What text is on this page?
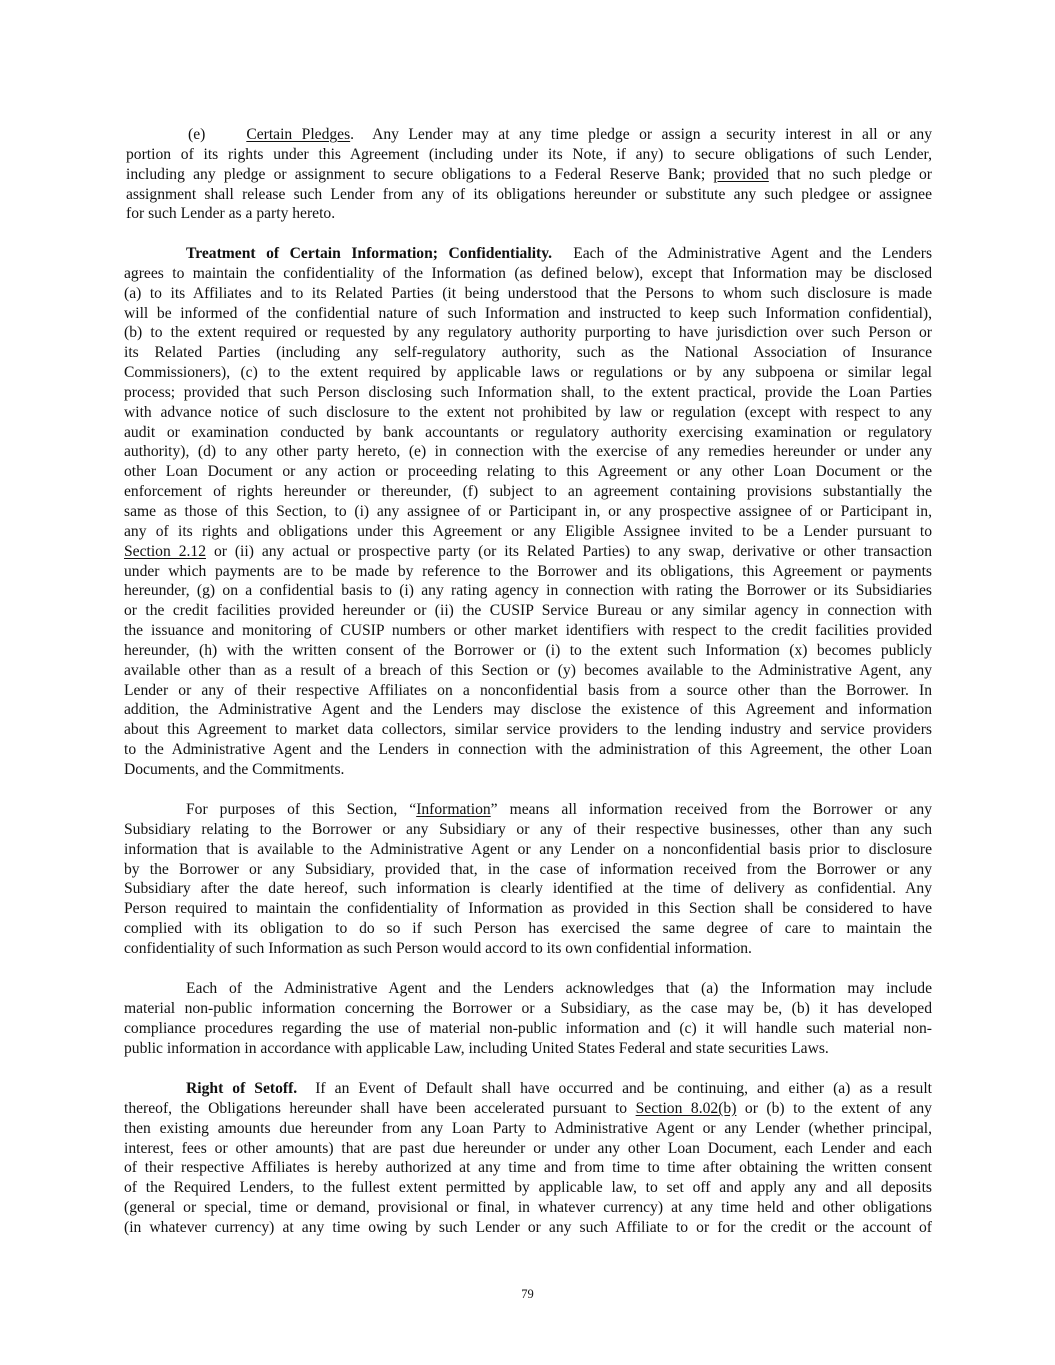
(e)	Certain Pledges.  Any Lender may at any time pledge or assign a security interest in all or any
portion of its rights under this Agreement (including under its Note, if any) to secure obligations of such Lender,
including any pledge or assignment to secure obligations to a Federal Reserve Bank; provided that no such pledge or
assignment shall release such Lender from any of its obligations hereunder or substitute any such pledgee or assignee
for such Lender as a party hereto.
Treatment of Certain Information; Confidentiality. Each of the Administrative Agent and the Lenders
agrees to maintain the confidentiality of the Information (as defined below), except that Information may be disclosed
(a) to its Affiliates and to its Related Parties (it being understood that the Persons to whom such disclosure is made
will be informed of the confidential nature of such Information and instructed to keep such Information confidential),
(b) to the extent required or requested by any regulatory authority purporting to have jurisdiction over such Person or
its Related Parties (including any self-regulatory authority, such as the National Association of Insurance
Commissioners), (c) to the extent required by applicable laws or regulations or by any subpoena or similar legal
process; provided that such Person disclosing such Information shall, to the extent practical, provide the Loan Parties
with advance notice of such disclosure to the extent not prohibited by law or regulation (except with respect to any
audit or examination conducted by bank accountants or regulatory authority exercising examination or regulatory
authority), (d) to any other party hereto, (e) in connection with the exercise of any remedies hereunder or under any
other Loan Document or any action or proceeding relating to this Agreement or any other Loan Document or the
enforcement of rights hereunder or thereunder, (f) subject to an agreement containing provisions substantially the
same as those of this Section, to (i) any assignee of or Participant in, or any prospective assignee of or Participant in,
any of its rights and obligations under this Agreement or any Eligible Assignee invited to be a Lender pursuant to
Section 2.12 or (ii) any actual or prospective party (or its Related Parties) to any swap, derivative or other transaction
under which payments are to be made by reference to the Borrower and its obligations, this Agreement or payments
hereunder, (g) on a confidential basis to (i) any rating agency in connection with rating the Borrower or its Subsidiaries
or the credit facilities provided hereunder or (ii) the CUSIP Service Bureau or any similar agency in connection with
the issuance and monitoring of CUSIP numbers or other market identifiers with respect to the credit facilities provided
hereunder, (h) with the written consent of the Borrower or (i) to the extent such Information (x) becomes publicly
available other than as a result of a breach of this Section or (y) becomes available to the Administrative Agent, any
Lender or any of their respective Affiliates on a nonconfidential basis from a source other than the Borrower. In
addition, the Administrative Agent and the Lenders may disclose the existence of this Agreement and information
about this Agreement to market data collectors, similar service providers to the lending industry and service providers
to the Administrative Agent and the Lenders in connection with the administration of this Agreement, the other Loan
Documents, and the Commitments.
For purposes of this Section, “Information” means all information received from the Borrower or any
Subsidiary relating to the Borrower or any Subsidiary or any of their respective businesses, other than any such
information that is available to the Administrative Agent or any Lender on a nonconfidential basis prior to disclosure
by the Borrower or any Subsidiary, provided that, in the case of information received from the Borrower or any
Subsidiary after the date hereof, such information is clearly identified at the time of delivery as confidential. Any
Person required to maintain the confidentiality of Information as provided in this Section shall be considered to have
complied with its obligation to do so if such Person has exercised the same degree of care to maintain the
confidentiality of such Information as such Person would accord to its own confidential information.
Each of the Administrative Agent and the Lenders acknowledges that (a) the Information may include
material non-public information concerning the Borrower or a Subsidiary, as the case may be, (b) it has developed
compliance procedures regarding the use of material non-public information and (c) it will handle such material non-
public information in accordance with applicable Law, including United States Federal and state securities Laws.
Right of Setoff. If an Event of Default shall have occurred and be continuing, and either (a) as a result
thereof, the Obligations hereunder shall have been accelerated pursuant to Section 8.02(b) or (b) to the extent of any
then existing amounts due hereunder from any Loan Party to Administrative Agent or any Lender (whether principal,
interest, fees or other amounts) that are past due hereunder or under any other Loan Document, each Lender and each
of their respective Affiliates is hereby authorized at any time and from time to time after obtaining the written consent
of the Required Lenders, to the fullest extent permitted by applicable law, to set off and apply any and all deposits
(general or special, time or demand, provisional or final, in whatever currency) at any time held and other obligations
(in whatever currency) at any time owing by such Lender or any such Affiliate to or for the credit or the account of
79
